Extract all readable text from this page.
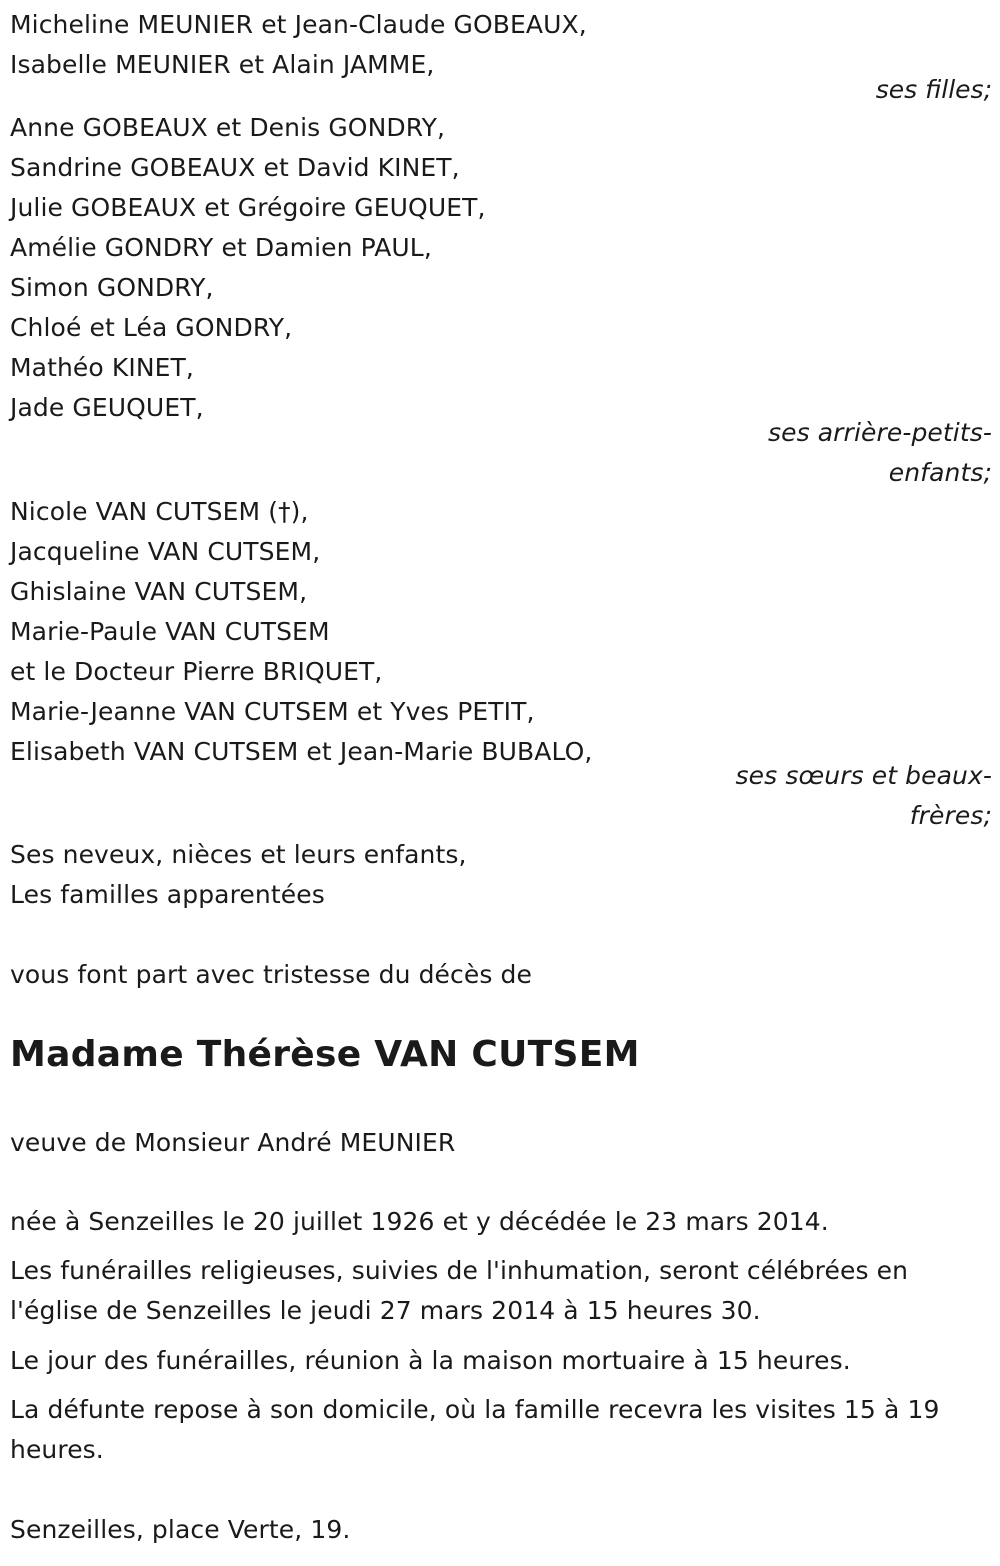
Micheline MEUNIER et Jean-Claude GOBEAUX,
Isabelle MEUNIER et Alain JAMME,
ses filles;
Anne GOBEAUX et Denis GONDRY,
Sandrine GOBEAUX et David KINET,
Julie GOBEAUX et Grégoire GEUQUET,
Amélie GONDRY et Damien PAUL,
Simon GONDRY,
Chloé et Léa GONDRY,
Mathéo KINET,
Jade GEUQUET,
ses arrière-petits-
enfants;
Nicole VAN CUTSEM (†),
Jacqueline VAN CUTSEM,
Ghislaine VAN CUTSEM,
Marie-Paule VAN CUTSEM
et le Docteur Pierre BRIQUET,
Marie-Jeanne VAN CUTSEM et Yves PETIT,
Elisabeth VAN CUTSEM et Jean-Marie BUBALO,
ses sœurs et beaux-
frères;
Ses neveux, nièces et leurs enfants,
Les familles apparentées
vous font part avec tristesse du décès de
Madame Thérèse VAN CUTSEM
veuve de Monsieur André MEUNIER
née à Senzeilles le 20 juillet 1926 et y décédée le 23 mars 2014.
Les funérailles religieuses, suivies de l'inhumation, seront célébrées en
l'église de Senzeilles le jeudi 27 mars 2014 à 15 heures 30.
Le jour des funérailles, réunion à la maison mortuaire à 15 heures.
La défunte repose à son domicile, où la famille recevra les visites 15 à 19
heures.
Senzeilles, place Verte, 19.
